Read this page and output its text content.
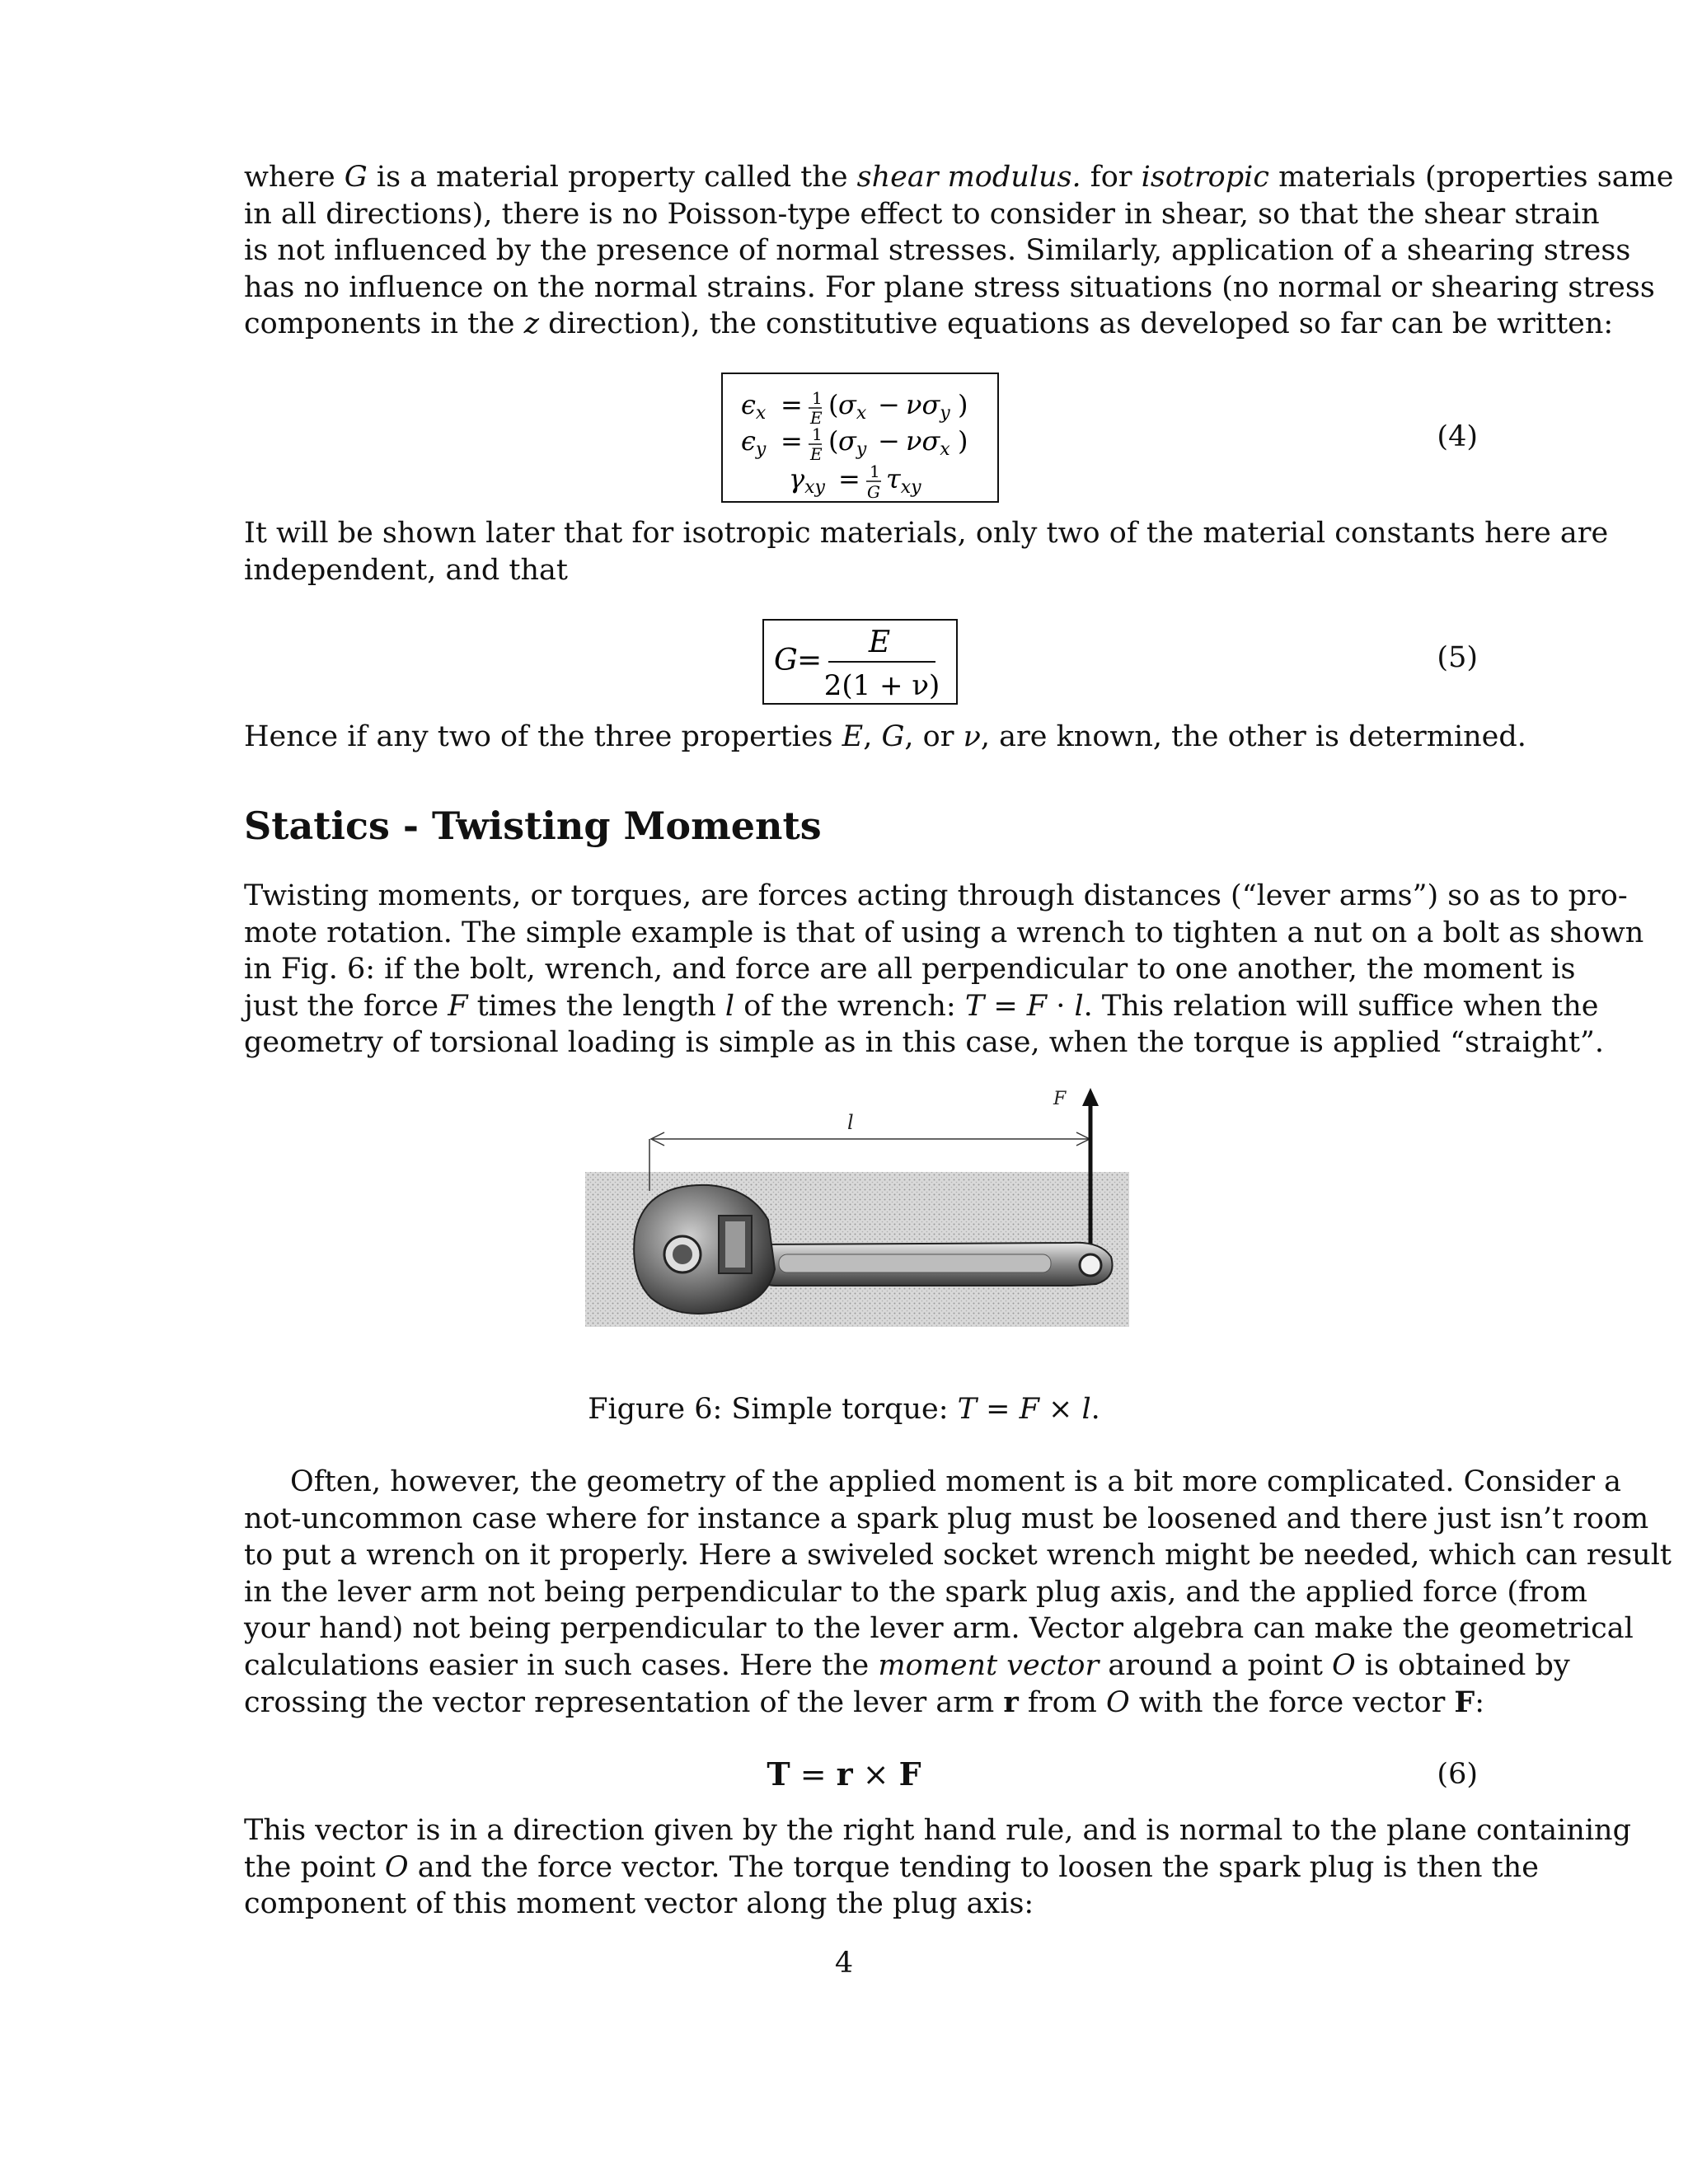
where G is a material property called the shear modulus. for isotropic materials (properties same
in all directions), there is no Poisson-type effect to consider in shear, so that the shear strain
is not influenced by the presence of normal stresses. Similarly, application of a shearing stress
has no influence on the normal strains. For plane stress situations (no normal or shearing stress
components in the z direction), the constitutive equations as developed so far can be written:

ϵx = 1
E ( σx − νσy )
ϵy = 1
E ( σy − νσx )
γxy = 1
G τxy
(4)

It will be shown later that for isotropic materials, only two of the material constants here are
independent, and that

G =
E
2(1 + ν)
(5)

Hence if any two of the three properties E, G, or ν, are known, the other is determined.

Statics - Twisting Moments

Twisting moments, or torques, are forces acting through distances (“lever arms”) so as to pro-
mote rotation. The simple example is that of using a wrench to tighten a nut on a bolt as shown
in Fig. 6: if the bolt, wrench, and force are all perpendicular to one another, the moment is
just the force F times the length l of the wrench: T = F · l. This relation will suffice when the
geometry of torsional loading is simple as in this case, when the torque is applied “straight”.

l
F
Figure 6: Simple torque: T = F × l.

Often, however, the geometry of the applied moment is a bit more complicated. Consider a
not-uncommon case where for instance a spark plug must be loosened and there just isn’t room
to put a wrench on it properly. Here a swiveled socket wrench might be needed, which can result
in the lever arm not being perpendicular to the spark plug axis, and the applied force (from
your hand) not being perpendicular to the lever arm. Vector algebra can make the geometrical
calculations easier in such cases. Here the moment vector around a point O is obtained by
crossing the vector representation of the lever arm r from O with the force vector F:

T = r × F	(6)

This vector is in a direction given by the right hand rule, and is normal to the plane containing
the point O and the force vector. The torque tending to loosen the spark plug is then the
component of this moment vector along the plug axis:

4
